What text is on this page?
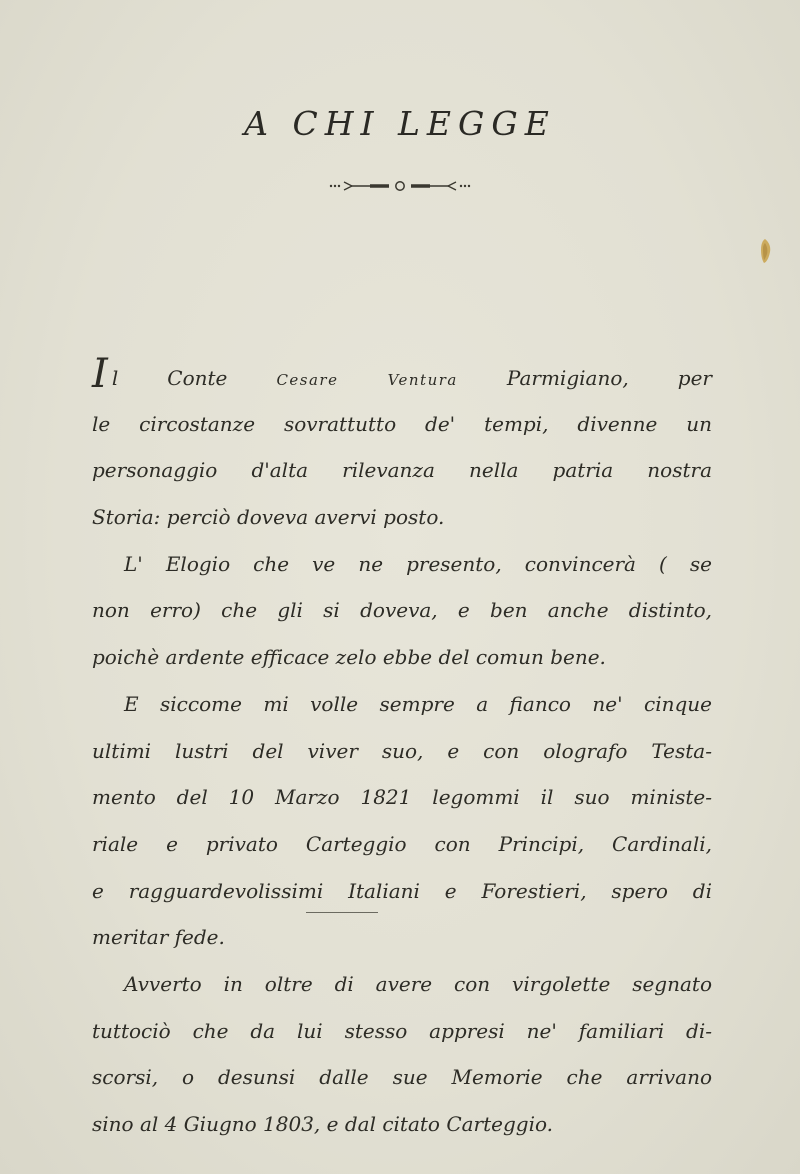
A CHI LEGGE
Il Conte Cesare	Ventura Parmigiano, per
le circostanze sovrattutto de' tempi, divenne un
personaggio d'alta rilevanza nella patria nostra
Storia: perciò doveva avervi posto.
L' Elogio che ve ne presento, convincerà ( se
non erro) che gli si doveva, e ben anche distinto,
poichè ardente efficace zelo ebbe del comun bene.
E siccome mi volle sempre a fianco ne' cinque
ultimi lustri del viver suo, e con olografo Testa-
mento del 10 Marzo 1821 legommi il suo ministe-
riale e privato Carteggio con Principi, Cardinali,
e ragguardevolissimi Italiani e Forestieri, spero di
meritar fede.
Avverto in oltre di avere con virgolette segnato
tuttociò che da lui stesso appresi ne' familiari di-
scorsi, o desunsi dalle sue Memorie che arrivano
sino al 4 Giugno 1803, e dal citato Carteggio.
